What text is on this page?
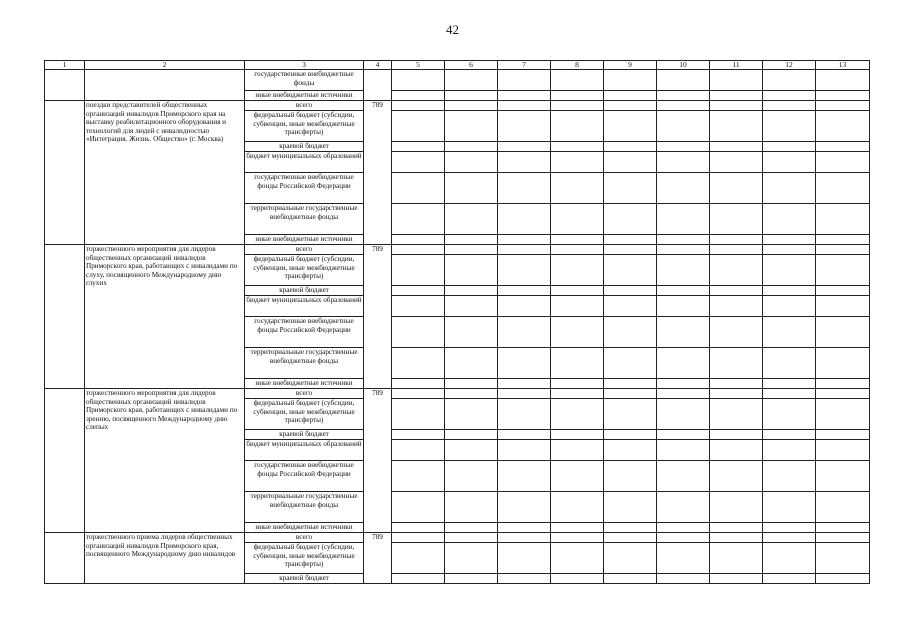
42
1	2	3	4	5	6	7	8	9	10	11	12	13
		государственные внебюджетные фонды										
		иные внебюджетные источники										
	поездки представителей общественных организаций инвалидов Приморского края на выставку реабилитационного оборудования и технологий для людей с инвалидностью «Интеграция. Жизнь. Общество» (г. Москва)	всего	789									
		федеральный бюджет (субсидии, субвенции, иные межбюджетные трансферты)										
		краевой бюджет										
		бюджет муниципальных образований										
		государственные внебюджетные фонды Российской Федерации										
		территориальные государственные внебюджетные фонды										
		иные внебюджетные источники										
	торжественного мероприятия для лидеров общественных организаций инвалидов Приморского края, работающих с инвалидами по слуху, посвященного Международному дню глухих	всего	789									
		федеральный бюджет (субсидии, субвенции, иные межбюджетные трансферты)										
		краевой бюджет										
		бюджет муниципальных образований										
		государственные внебюджетные фонды Российской Федерации										
		территориальные государственные внебюджетные фонды										
		иные внебюджетные источники										
	торжественного мероприятия для лидеров общественных организаций инвалидов Приморского края, работающих с инвалидами по зрению, посвященного Международному дню слепых	всего	789									
		федеральный бюджет (субсидии, субвенции, иные межбюджетные трансферты)										
		краевой бюджет										
		бюджет муниципальных образований										
		государственные внебюджетные фонды Российской Федерации										
		территориальные государственные внебюджетные фонды										
		иные внебюджетные источники										
	торжественного приема лидеров общественных организаций инвалидов Приморского края, посвященного Международному дню инвалидов	всего	789									
		федеральный бюджет (субсидии, субвенции, иные межбюджетные трансферты)										
		краевой бюджет										
